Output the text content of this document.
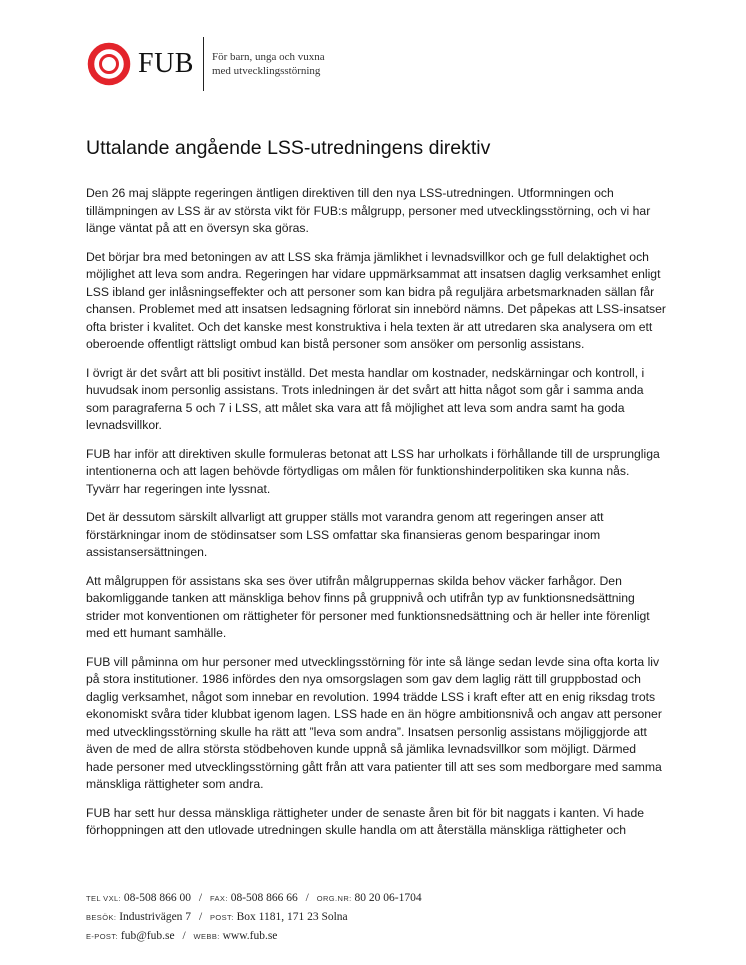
FUB För barn, unga och vuxna
med utvecklingsstörning
Uttalande angående LSS-utredningens direktiv

Den 26 maj släppte regeringen äntligen direktiven till den nya LSS-utredningen. Utformningen och tillämpningen av LSS är av största vikt för FUB:s målgrupp, personer med utvecklingsstörning, och vi har länge väntat på att en översyn ska göras.

Det börjar bra med betoningen av att LSS ska främja jämlikhet i levnadsvillkor och ge full delaktighet och möjlighet att leva som andra. Regeringen har vidare uppmärksammat att insatsen daglig verksamhet enligt LSS ibland ger inlåsningseffekter och att personer som kan bidra på reguljära arbetsmarknaden sällan får chansen. Problemet med att insatsen ledsagning förlorat sin innebörd nämns. Det påpekas att LSS-insatser ofta brister i kvalitet. Och det kanske mest konstruktiva i hela texten är att utredaren ska analysera om ett oberoende offentligt rättsligt ombud kan bistå personer som ansöker om personlig assistans.

I övrigt är det svårt att bli positivt inställd. Det mesta handlar om kostnader, nedskärningar och kontroll, i huvudsak inom personlig assistans. Trots inledningen är det svårt att hitta något som går i samma anda som paragraferna 5 och 7 i LSS, att målet ska vara att få möjlighet att leva som andra samt ha goda levnadsvillkor.

FUB har inför att direktiven skulle formuleras betonat att LSS har urholkats i förhållande till de ursprungliga intentionerna och att lagen behövde förtydligas om målen för funktionshinderpolitiken ska kunna nås. Tyvärr har regeringen inte lyssnat.

Det är dessutom särskilt allvarligt att grupper ställs mot varandra genom att regeringen anser att förstärkningar inom de stödinsatser som LSS omfattar ska finansieras genom besparingar inom assistansersättningen.

Att målgruppen för assistans ska ses över utifrån målgruppernas skilda behov väcker farhågor. Den bakomliggande tanken att mänskliga behov finns på gruppnivå och utifrån typ av funktionsnedsättning strider mot konventionen om rättigheter för personer med funktionsnedsättning och är heller inte förenligt med ett humant samhälle.

FUB vill påminna om hur personer med utvecklingsstörning för inte så länge sedan levde sina ofta korta liv på stora institutioner. 1986 infördes den nya omsorgslagen som gav dem laglig rätt till gruppbostad och daglig verksamhet, något som innebar en revolution. 1994 trädde LSS i kraft efter att en enig riksdag trots ekonomiskt svåra tider klubbat igenom lagen. LSS hade en än högre ambitionsnivå och angav att personer med utvecklingsstörning skulle ha rätt att ”leva som andra”. Insatsen personlig assistans möjliggjorde att även de med de allra största stödbehoven kunde uppnå så jämlika levnadsvillkor som möjligt. Därmed hade personer med utvecklingsstörning gått från att vara patienter till att ses som medborgare med samma mänskliga rättigheter som andra.

FUB har sett hur dessa mänskliga rättigheter under de senaste åren bit för bit naggats i kanten. Vi hade förhoppningen att den utlovade utredningen skulle handla om att återställa mänskliga rättigheter och

TEL VXL: 08-508 866 00 / FAX: 08-508 866 66 / ORG.NR: 80 20 06-1704
BESÖK: Industrivägen 7 / POST: Box 1181, 171 23 Solna
E-POST: fub@fub.se / WEBB: www.fub.se
